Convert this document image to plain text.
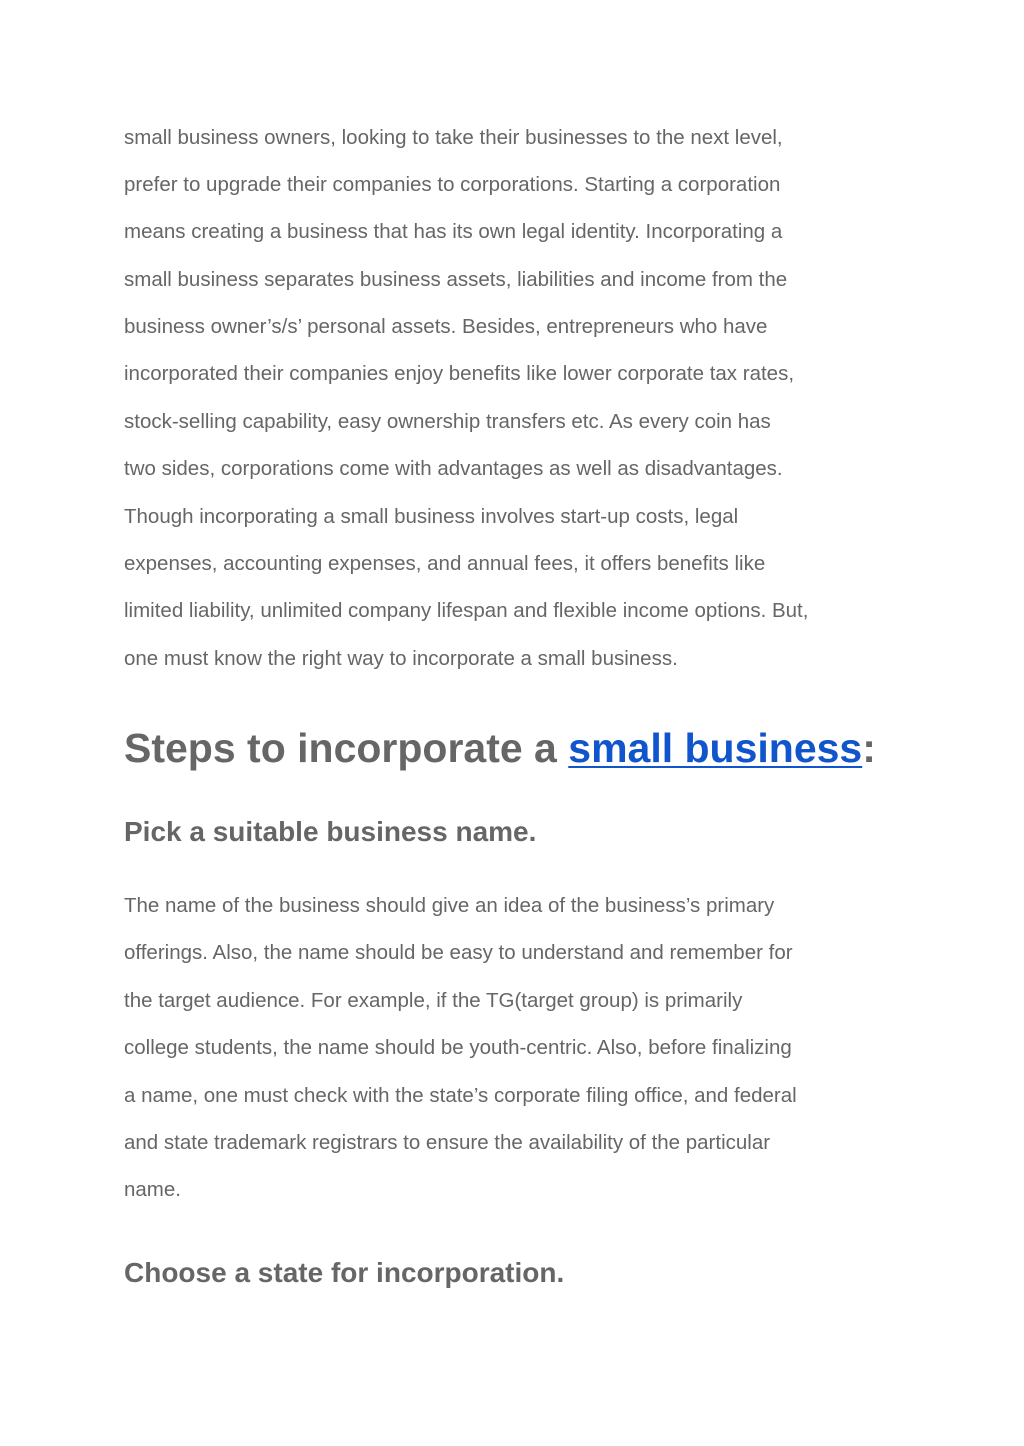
small business owners, looking to take their businesses to the next level,
prefer to upgrade their companies to corporations. Starting a corporation
means creating a business that has its own legal identity. Incorporating a
small business separates business assets, liabilities and income from the
business owner’s/s’ personal assets. Besides, entrepreneurs who have
incorporated their companies enjoy benefits like lower corporate tax rates,
stock-selling capability, easy ownership transfers etc. As every coin has
two sides, corporations come with advantages as well as disadvantages.
Though incorporating a small business involves start-up costs, legal
expenses, accounting expenses, and annual fees, it offers benefits like
limited liability, unlimited company lifespan and flexible income options. But,
one must know the right way to incorporate a small business.
Steps to incorporate a small business:
Pick a suitable business name.
The name of the business should give an idea of the business’s primary
offerings. Also, the name should be easy to understand and remember for
the target audience. For example, if the TG(target group) is primarily
college students, the name should be youth-centric. Also, before finalizing
a name, one must check with the state’s corporate filing office, and federal
and state trademark registrars to ensure the availability of the particular
name.
Choose a state for incorporation.
